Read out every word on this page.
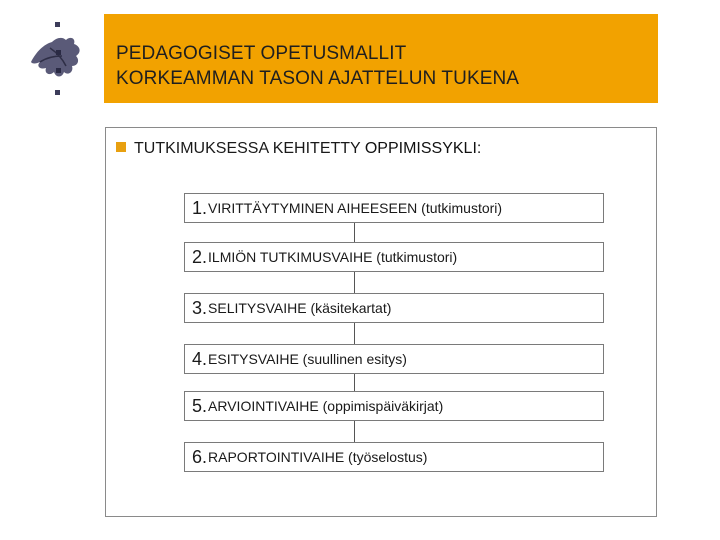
PEDAGOGISET OPETUSMALLIT
KORKEAMMAN TASON AJATTELUN TUKENA
TUTKIMUKSESSA KEHITETTY OPPIMISSYKLI:
1. VIRITTÄYTYMINEN AIHEESEEN (tutkimustori)
2. ILMIÖN TUTKIMUSVAIHE (tutkimustori)
3. SELITYSVAIHE (käsitekartat)
4. ESITYSVAIHE (suullinen esitys)
5. ARVIOINTIVAIHE (oppimispäiväkirjat)
6. RAPORTOINTIVAIHE (työselostus)
